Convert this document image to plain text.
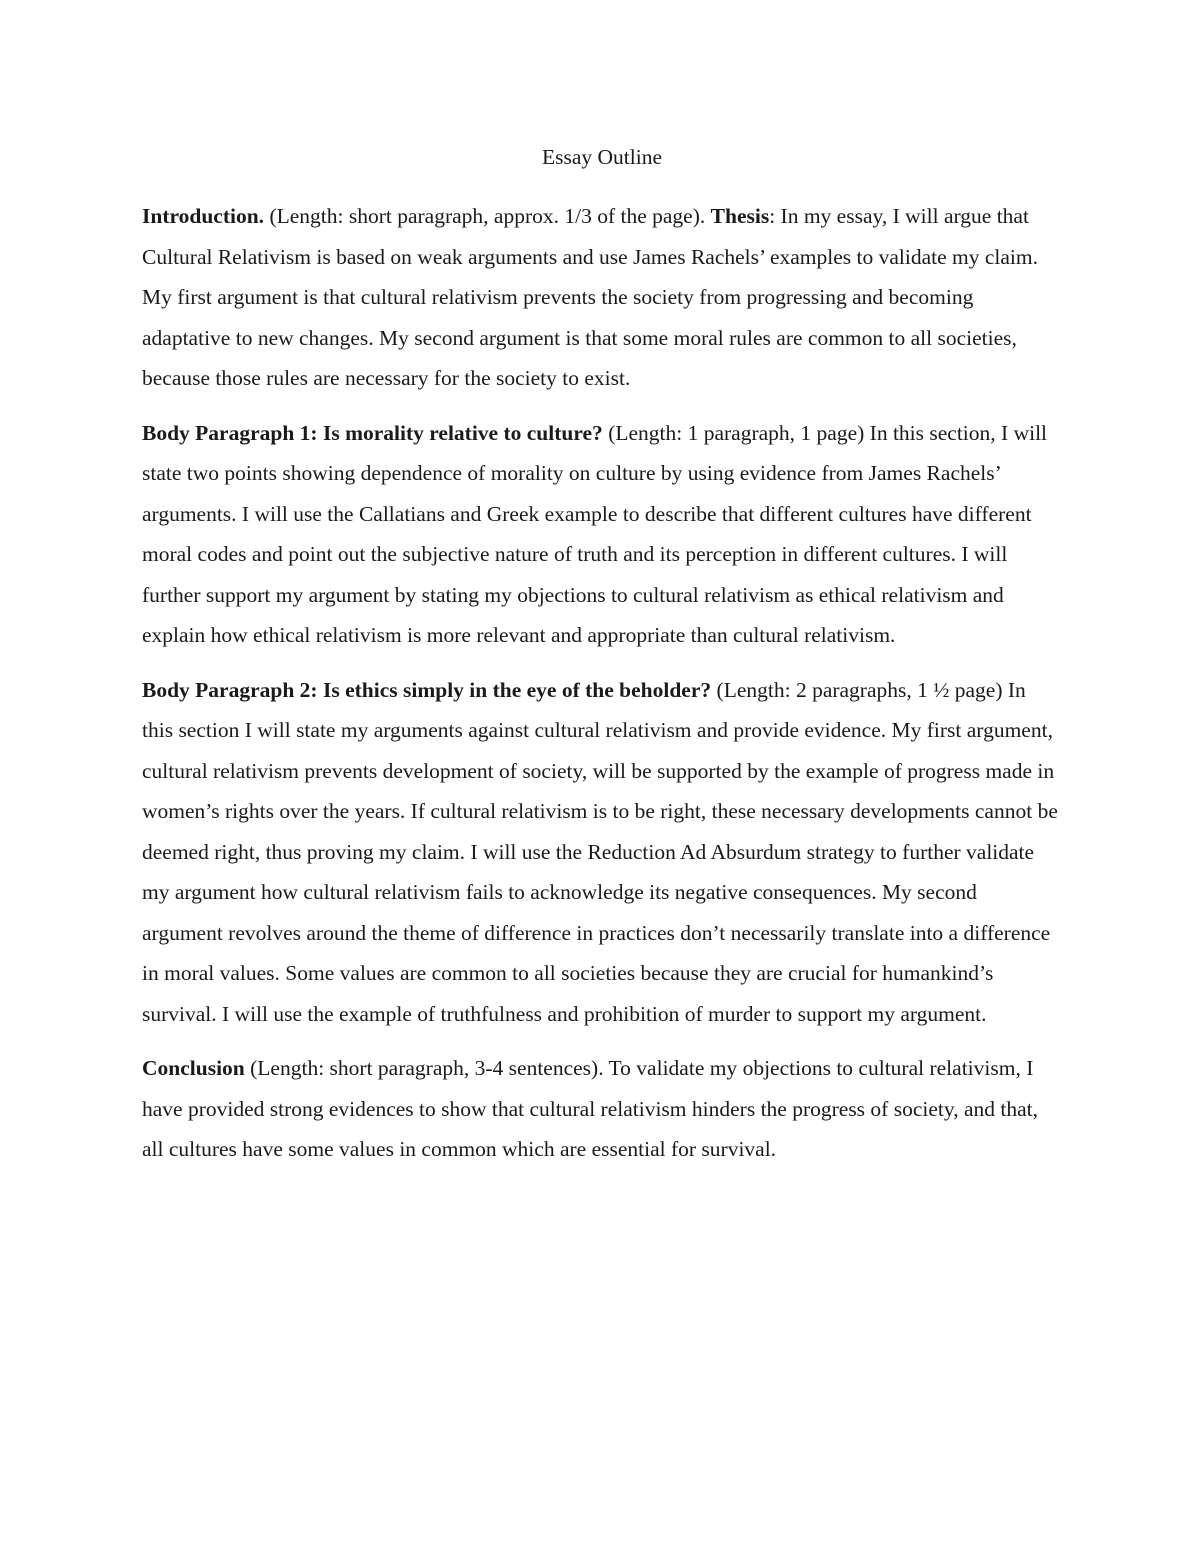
Essay Outline

Introduction. (Length: short paragraph, approx. 1/3 of the page). Thesis: In my essay, I will argue that Cultural Relativism is based on weak arguments and use James Rachels’ examples to validate my claim. My first argument is that cultural relativism prevents the society from progressing and becoming adaptative to new changes. My second argument is that some moral rules are common to all societies, because those rules are necessary for the society to exist.

Body Paragraph 1: Is morality relative to culture? (Length: 1 paragraph, 1 page) In this section, I will state two points showing dependence of morality on culture by using evidence from James Rachels’ arguments. I will use the Callatians and Greek example to describe that different cultures have different moral codes and point out the subjective nature of truth and its perception in different cultures. I will further support my argument by stating my objections to cultural relativism as ethical relativism and explain how ethical relativism is more relevant and appropriate than cultural relativism.

Body Paragraph 2: Is ethics simply in the eye of the beholder? (Length: 2 paragraphs, 1 ½ page) In this section I will state my arguments against cultural relativism and provide evidence. My first argument, cultural relativism prevents development of society, will be supported by the example of progress made in women’s rights over the years. If cultural relativism is to be right, these necessary developments cannot be deemed right, thus proving my claim. I will use the Reduction Ad Absurdum strategy to further validate my argument how cultural relativism fails to acknowledge its negative consequences. My second argument revolves around the theme of difference in practices don’t necessarily translate into a difference in moral values. Some values are common to all societies because they are crucial for humankind’s survival. I will use the example of truthfulness and prohibition of murder to support my argument.

Conclusion (Length: short paragraph, 3-4 sentences). To validate my objections to cultural relativism, I have provided strong evidences to show that cultural relativism hinders the progress of society, and that, all cultures have some values in common which are essential for survival.
